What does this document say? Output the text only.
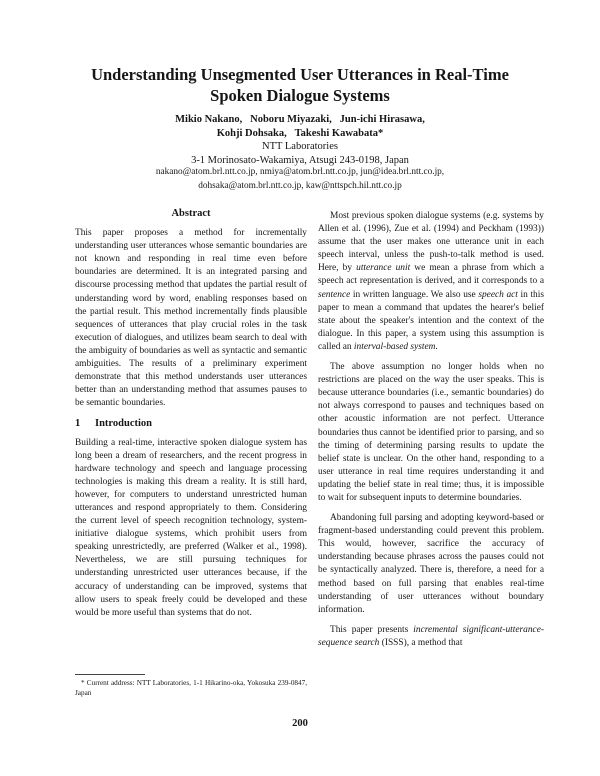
Understanding Unsegmented User Utterances in Real-Time
Spoken Dialogue Systems
Mikio Nakano,   Noboru Miyazaki,   Jun-ichi Hirasawa,
Kohji Dohsaka,   Takeshi Kawabata*
NTT Laboratories
3-1 Morinosato-Wakamiya, Atsugi 243-0198, Japan
nakano@atom.brl.ntt.co.jp, nmiya@atom.brl.ntt.co.jp, jun@idea.brl.ntt.co.jp,
dohsaka@atom.brl.ntt.co.jp, kaw@nttspch.hil.ntt.co.jp
Abstract

This paper proposes a method for incrementally understanding user utterances whose semantic boundaries are not known and responding in real time even before boundaries are determined. It is an integrated parsing and discourse processing method that updates the partial result of understanding word by word, enabling responses based on the partial result. This method incrementally finds plausible sequences of utterances that play crucial roles in the task execution of dialogues, and utilizes beam search to deal with the ambiguity of boundaries as well as syntactic and semantic ambiguities. The results of a preliminary experiment demonstrate that this method understands user utterances better than an understanding method that assumes pauses to be semantic boundaries.

1 Introduction

Building a real-time, interactive spoken dialogue system has long been a dream of researchers, and the recent progress in hardware technology and speech and language processing technologies is making this dream a reality. It is still hard, however, for computers to understand unrestricted human utterances and respond appropriately to them. Considering the current level of speech recognition technology, system-initiative dialogue systems, which prohibit users from speaking unrestrictedly, are preferred (Walker et al., 1998). Nevertheless, we are still pursuing techniques for understanding unrestricted user utterances because, if the accuracy of understanding can be improved, systems that allow users to speak freely could be developed and these would be more useful than systems that do not.

Most previous spoken dialogue systems (e.g. systems by Allen et al. (1996), Zue et al. (1994) and Peckham (1993)) assume that the user makes one utterance unit in each speech interval, unless the push-to-talk method is used. Here, by utterance unit we mean a phrase from which a speech act representation is derived, and it corresponds to a sentence in written language. We also use speech act in this paper to mean a command that updates the hearer's belief state about the speaker's intention and the context of the dialogue. In this paper, a system using this assumption is called an interval-based system.

The above assumption no longer holds when no restrictions are placed on the way the user speaks. This is because utterance boundaries (i.e., semantic boundaries) do not always correspond to pauses and techniques based on other acoustic information are not perfect. Utterance boundaries thus cannot be identified prior to parsing, and so the timing of determining parsing results to update the belief state is unclear. On the other hand, responding to a user utterance in real time requires understanding it and updating the belief state in real time; thus, it is impossible to wait for subsequent inputs to determine boundaries.

Abandoning full parsing and adopting keyword-based or fragment-based understanding could prevent this problem. This would, however, sacrifice the accuracy of understanding because phrases across the pauses could not be syntactically analyzed. There is, therefore, a need for a method based on full parsing that enables real-time understanding of user utterances without boundary information.

This paper presents incremental significant-utterance-sequence search (ISSS), a method that

* Current address: NTT Laboratories, 1-1 Hikarino-oka, Yokosuka 239-0847, Japan
200
